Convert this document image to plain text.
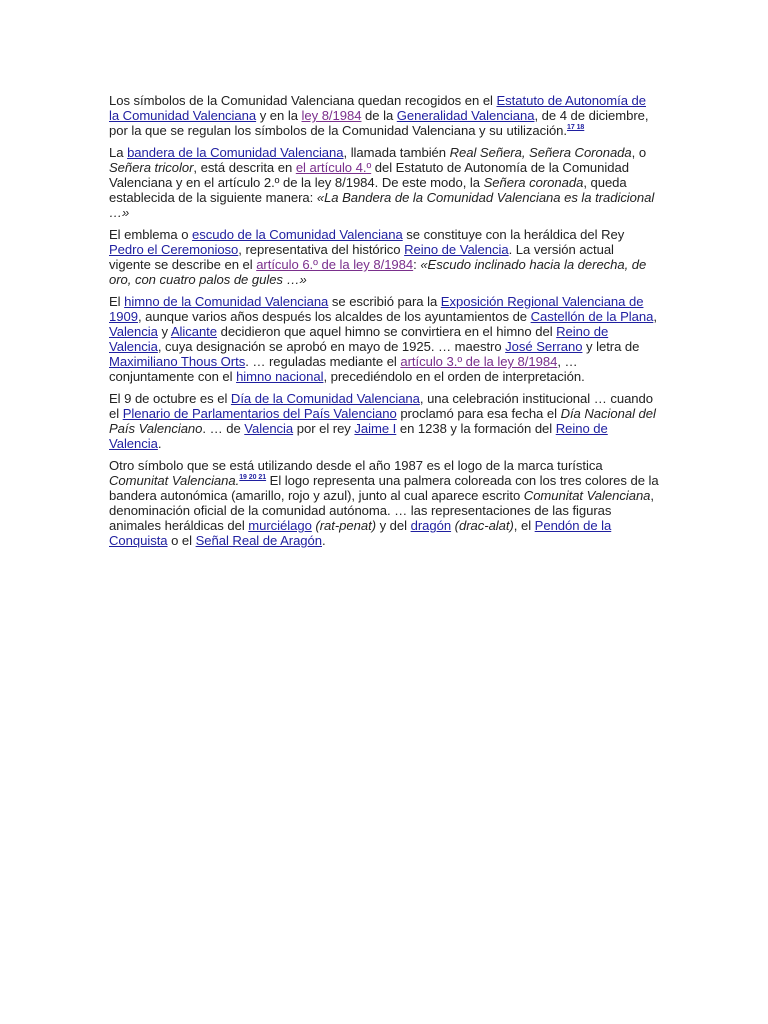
Los símbolos de la Comunidad Valenciana quedan recogidos en el Estatuto de Autonomía de la Comunidad Valenciana y en la ley 8/1984 de la Generalidad Valenciana, de 4 de diciembre, por la que se regulan los símbolos de la Comunidad Valenciana y su utilización.$^{17 18}$

La bandera de la Comunidad Valenciana, llamada también Real Señera, Señera Coronada, o Señera tricolor, está descrita en el artículo 4.º del Estatuto de Autonomía de la Comunidad Valenciana y en el artículo 2.º de la ley 8/1984. De este modo, la Señera coronada, queda establecida de la siguiente manera: «La Bandera de la Comunidad Valenciana es la tradicional …»

El emblema o escudo de la Comunidad Valenciana se constituye con la heráldica del Rey Pedro el Ceremonioso, representativa del histórico Reino de Valencia. La versión actual vigente se describe en el artículo 6.º de la ley 8/1984: «Escudo inclinado hacia la derecha, de oro, con cuatro palos de gules …»

El himno de la Comunidad Valenciana se escribió para la Exposición Regional Valenciana de 1909, aunque varios años después los alcaldes de los ayuntamientos de Castellón de la Plana, Valencia y Alicante decidieron que aquel himno se convirtiera en el himno del Reino de Valencia, cuya designación se aprobó en mayo de 1925. … maestro José Serrano y letra de Maximiliano Thous Orts. … reguladas mediante el artículo 3.º de la ley 8/1984, … conjuntamente con el himno nacional, precediéndolo en el orden de interpretación.

El 9 de octubre es el Día de la Comunidad Valenciana, una celebración institucional … cuando el Plenario de Parlamentarios del País Valenciano proclamó para esa fecha el Día Nacional del País Valenciano. … de Valencia por el rey Jaime I en 1238 y la formación del Reino de Valencia.

Otro símbolo que se está utilizando desde el año 1987 es el logo de la marca turística Comunitat Valenciana.$^{19 20 21}$ El logo representa una palmera coloreada con los tres colores de la bandera autonómica (amarillo, rojo y azul), junto al cual aparece escrito Comunitat Valenciana, denominación oficial de la comunidad autónoma. … las representaciones de las figuras animales heráldicas del murciélago (rat-penat) y del dragón (drac-alat), el Pendón de la Conquista o el Señal Real de Aragón.
